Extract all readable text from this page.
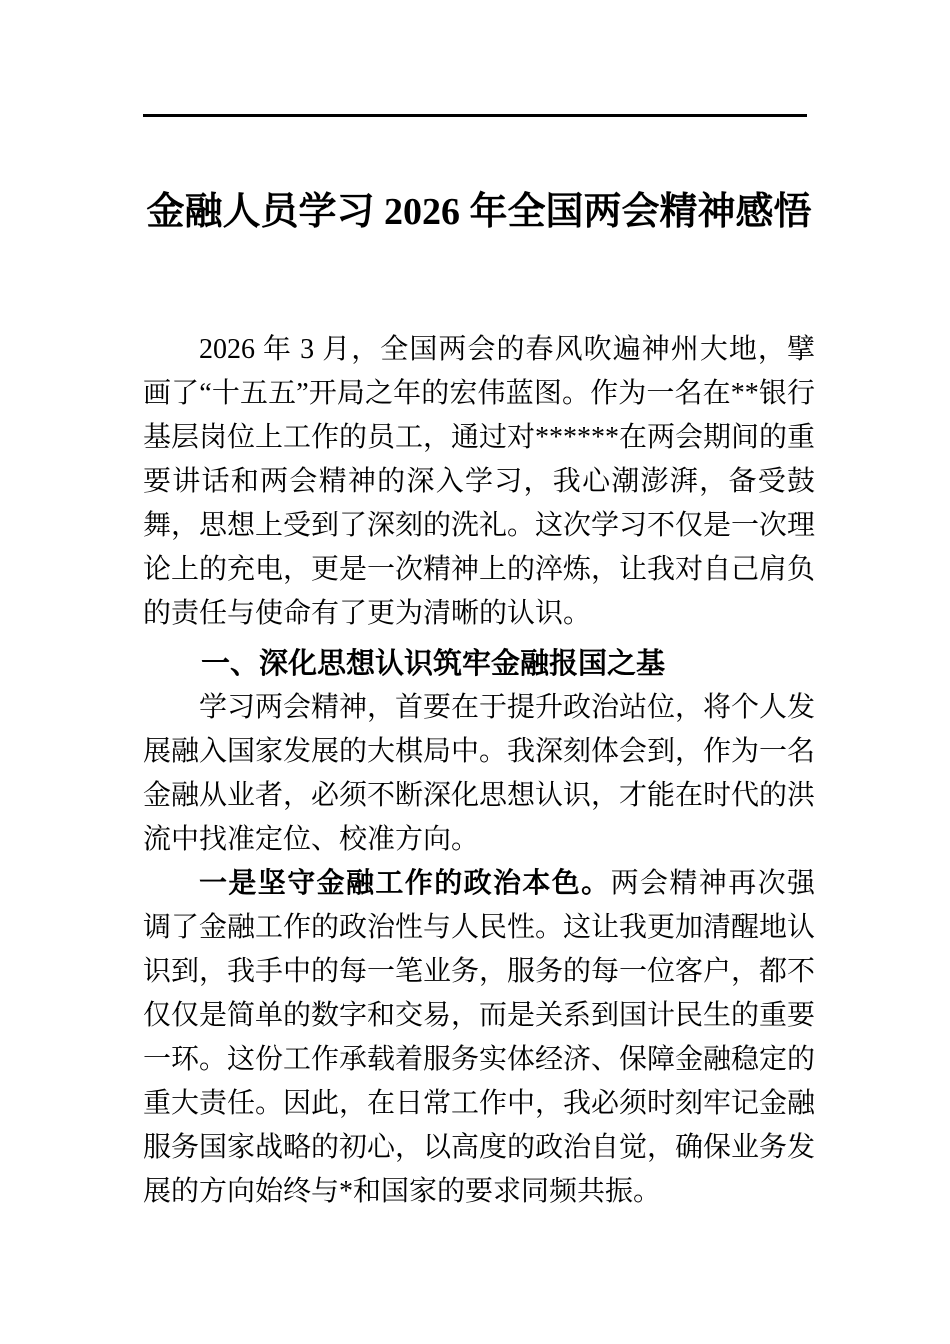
金融人员学习 2026 年全国两会精神感悟

2026 年 3 月，全国两会的春风吹遍神州大地，擘画了“十五五”开局之年的宏伟蓝图。作为一名在**银行基层岗位上工作的员工，通过对******在两会期间的重要讲话和两会精神的深入学习，我心潮澎湃，备受鼓舞，思想上受到了深刻的洗礼。这次学习不仅是一次理论上的充电，更是一次精神上的淬炼，让我对自己肩负的责任与使命有了更为清晰的认识。

一、深化思想认识筑牢金融报国之基

学习两会精神，首要在于提升政治站位，将个人发展融入国家发展的大棋局中。我深刻体会到，作为一名金融从业者，必须不断深化思想认识，才能在时代的洪流中找准定位、校准方向。

一是坚守金融工作的政治本色。两会精神再次强调了金融工作的政治性与人民性。这让我更加清醒地认识到，我手中的每一笔业务，服务的每一位客户，都不仅仅是简单的数字和交易，而是关系到国计民生的重要一环。这份工作承载着服务实体经济、保障金融稳定的重大责任。因此，在日常工作中，我必须时刻牢记金融服务国家战略的初心，以高度的政治自觉，确保业务发展的方向始终与*和国家的要求同频共振。
